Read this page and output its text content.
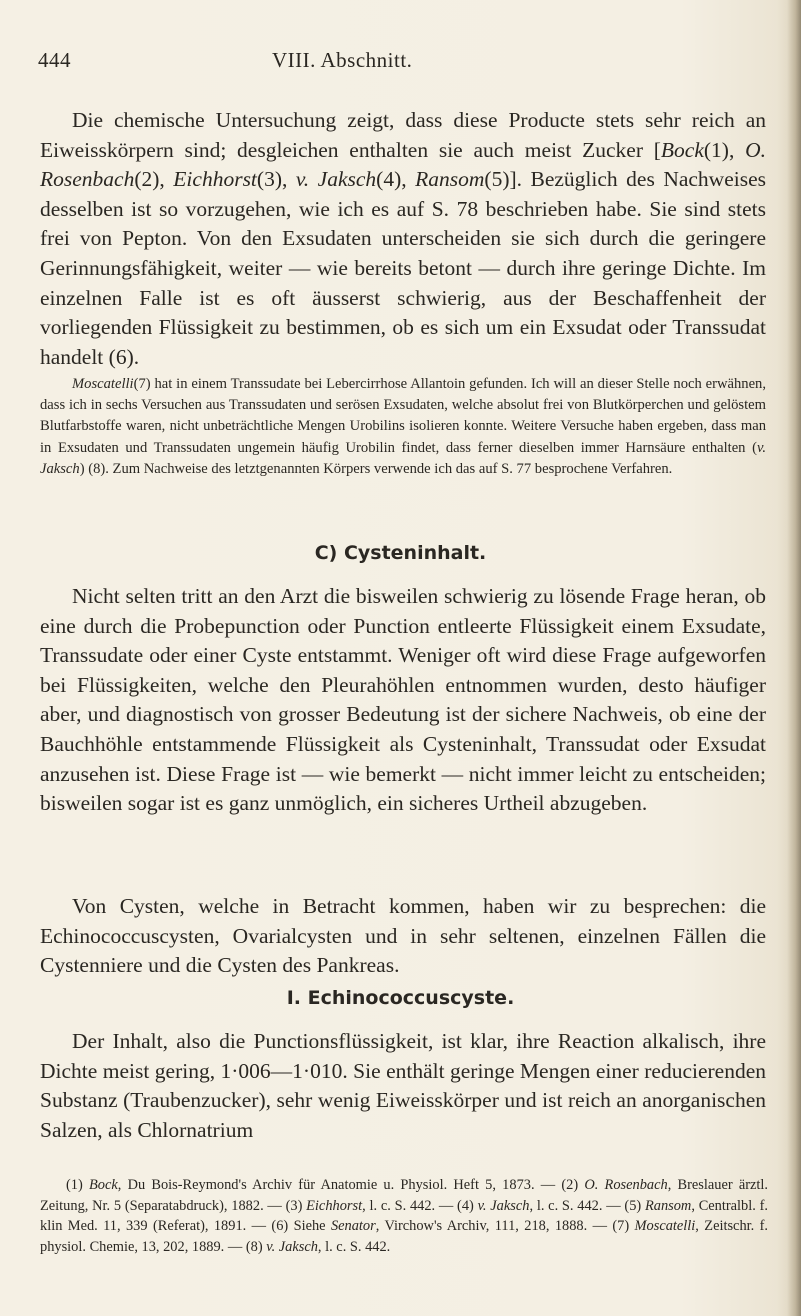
444	VIII. Abschnitt.

Die chemische Untersuchung zeigt, dass diese Producte stets sehr reich an Eiweisskörpern sind; desgleichen enthalten sie auch meist Zucker [Bock(1), O. Rosenbach(2), Eichhorst(3), v. Jaksch(4), Ransom(5)]. Bezüglich des Nachweises desselben ist so vorzugehen, wie ich es auf S. 78 beschrieben habe. Sie sind stets frei von Pepton. Von den Exsudaten unterscheiden sie sich durch die geringere Gerinnungsfähigkeit, weiter — wie bereits betont — durch ihre geringe Dichte. Im einzelnen Falle ist es oft äusserst schwierig, aus der Beschaffenheit der vorliegenden Flüssigkeit zu bestimmen, ob es sich um ein Exsudat oder Transsudat handelt (6).

Moscatelli(7) hat in einem Transsudate bei Lebercirrhose Allantoin gefunden. Ich will an dieser Stelle noch erwähnen, dass ich in sechs Versuchen aus Transsudaten und serösen Exsudaten, welche absolut frei von Blutkörperchen und gelöstem Blutfarbstoffe waren, nicht unbeträchtliche Mengen Urobilins isolieren konnte. Weitere Versuche haben ergeben, dass man in Exsudaten und Transsudaten ungemein häufig Urobilin findet, dass ferner dieselben immer Harnsäure enthalten (v. Jaksch) (8). Zum Nachweise des letztgenannten Körpers verwende ich das auf S. 77 besprochene Verfahren.

C) Cysteninhalt.

Nicht selten tritt an den Arzt die bisweilen schwierig zu lösende Frage heran, ob eine durch die Probepunction oder Punction entleerte Flüssigkeit einem Exsudate, Transsudate oder einer Cyste entstammt. Weniger oft wird diese Frage aufgeworfen bei Flüssigkeiten, welche den Pleurahöhlen entnommen wurden, desto häufiger aber, und diagnostisch von grosser Bedeutung ist der sichere Nachweis, ob eine der Bauchhöhle entstammende Flüssigkeit als Cysteninhalt, Transsudat oder Exsudat anzusehen ist. Diese Frage ist — wie bemerkt — nicht immer leicht zu entscheiden; bisweilen sogar ist es ganz unmöglich, ein sicheres Urtheil abzugeben.

Von Cysten, welche in Betracht kommen, haben wir zu besprechen: die Echinococcuscysten, Ovarialcysten und in sehr seltenen, einzelnen Fällen die Cystenniere und die Cysten des Pankreas.

I. Echinococcuscyste.

Der Inhalt, also die Punctionsflüssigkeit, ist klar, ihre Reaction alkalisch, ihre Dichte meist gering, 1·006—1·010. Sie enthält geringe Mengen einer reducierenden Substanz (Traubenzucker), sehr wenig Eiweisskörper und ist reich an anorganischen Salzen, als Chlornatrium

(1) Bock, Du Bois-Reymond's Archiv für Anatomie u. Physiol. Heft 5, 1873. — (2) O. Rosenbach, Breslauer ärztl. Zeitung, Nr. 5 (Separatabdruck), 1882. — (3) Eichhorst, l. c. S. 442. — (4) v. Jaksch, l. c. S. 442. — (5) Ransom, Centralbl. f. klin Med. 11, 339 (Referat), 1891. — (6) Siehe Senator, Virchow's Archiv, 111, 218, 1888. — (7) Moscatelli, Zeitschr. f. physiol. Chemie, 13, 202, 1889. — (8) v. Jaksch, l. c. S. 442.
